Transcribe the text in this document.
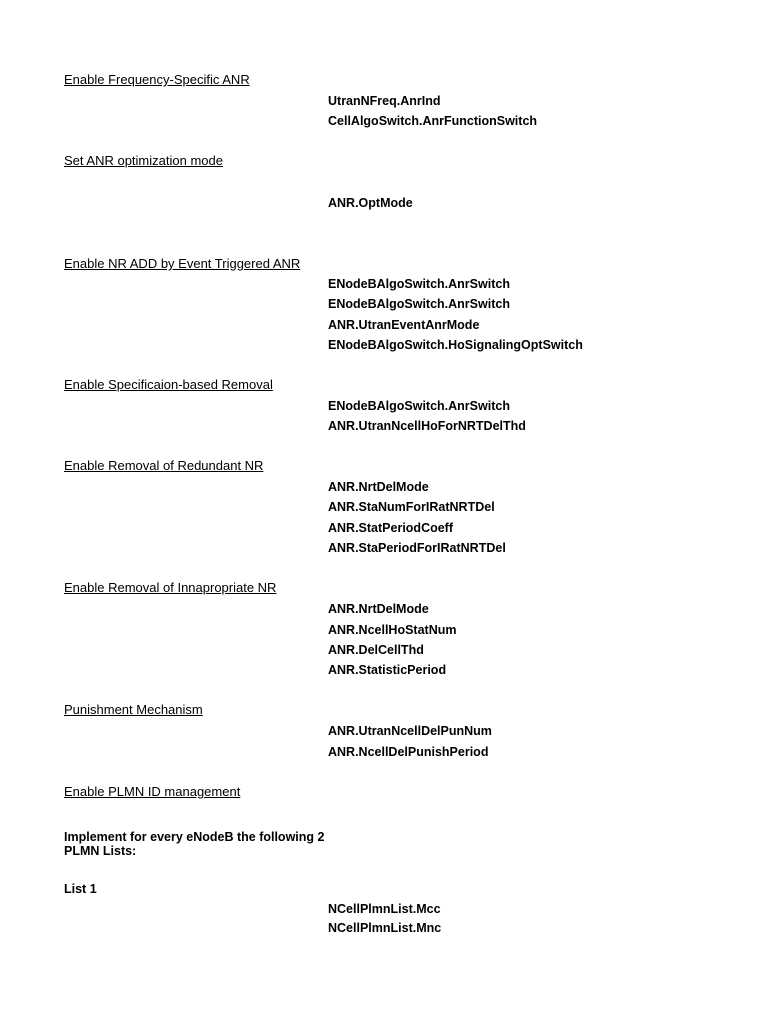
Enable Frequency-Specific ANR
UtranNFreq.AnrInd
CellAlgoSwitch.AnrFunctionSwitch
Set ANR optimization mode
ANR.OptMode
Enable NR ADD by Event Triggered ANR
ENodeBAlgoSwitch.AnrSwitch
ENodeBAlgoSwitch.AnrSwitch
ANR.UtranEventAnrMode
ENodeBAlgoSwitch.HoSignalingOptSwitch
Enable Specificaion-based Removal
ENodeBAlgoSwitch.AnrSwitch
ANR.UtranNcellHoForNRTDelThd
Enable Removal of Redundant NR
ANR.NrtDelMode
ANR.StaNumForIRatNRTDel
ANR.StatPeriodCoeff
ANR.StaPeriodForIRatNRTDel
Enable Removal of Innapropriate NR
ANR.NrtDelMode
ANR.NcellHoStatNum
ANR.DelCellThd
ANR.StatisticPeriod
Punishment Mechanism
ANR.UtranNcellDelPunNum
ANR.NcellDelPunishPeriod
Enable PLMN ID management
Implement for every eNodeB the following 2 PLMN Lists:
List 1
NCellPlmnList.Mcc
NCellPlmnList.Mnc
